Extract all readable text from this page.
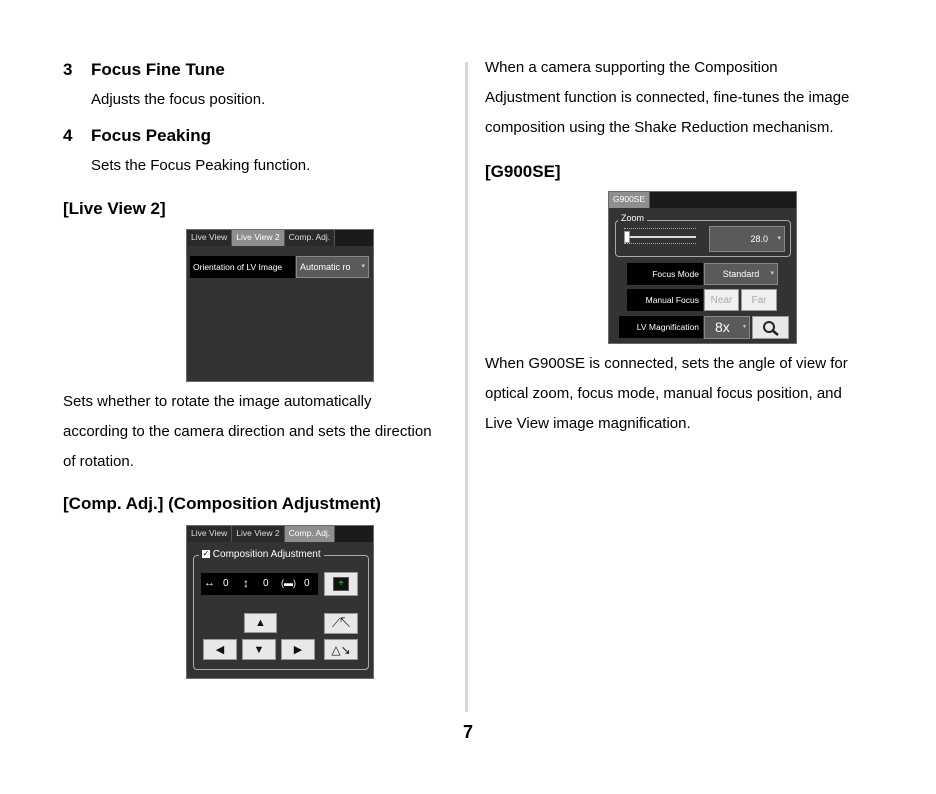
3 Focus Fine Tune
Adjusts the focus position.
4 Focus Peaking
Sets the Focus Peaking function.
[Live View 2]
Live View	Live View 2	Comp. Adj.
Orientation of LV Image	Automatic ro ▾
Sets whether to rotate the image automatically
according to the camera direction and sets the direction
of rotation.
[Comp. Adj.] (Composition Adjustment)
Live View	Live View 2	Comp. Adj.
✓ Composition Adjustment
↔ 0 ↕ 0 (▬) 0	+
▲	⟋↖
◀	▼	▶ △↘
When a camera supporting the Composition
Adjustment function is connected, fine-tunes the image
composition using the Shake Reduction mechanism.
[G900SE]
G900SE
Zoom
28.0 ▾
Focus Mode	Standard ▾
Manual Focus	Near	Far
LV Magnification	8x ▾
When G900SE is connected, sets the angle of view for
optical zoom, focus mode, manual focus position, and
Live View image magnification.
7
